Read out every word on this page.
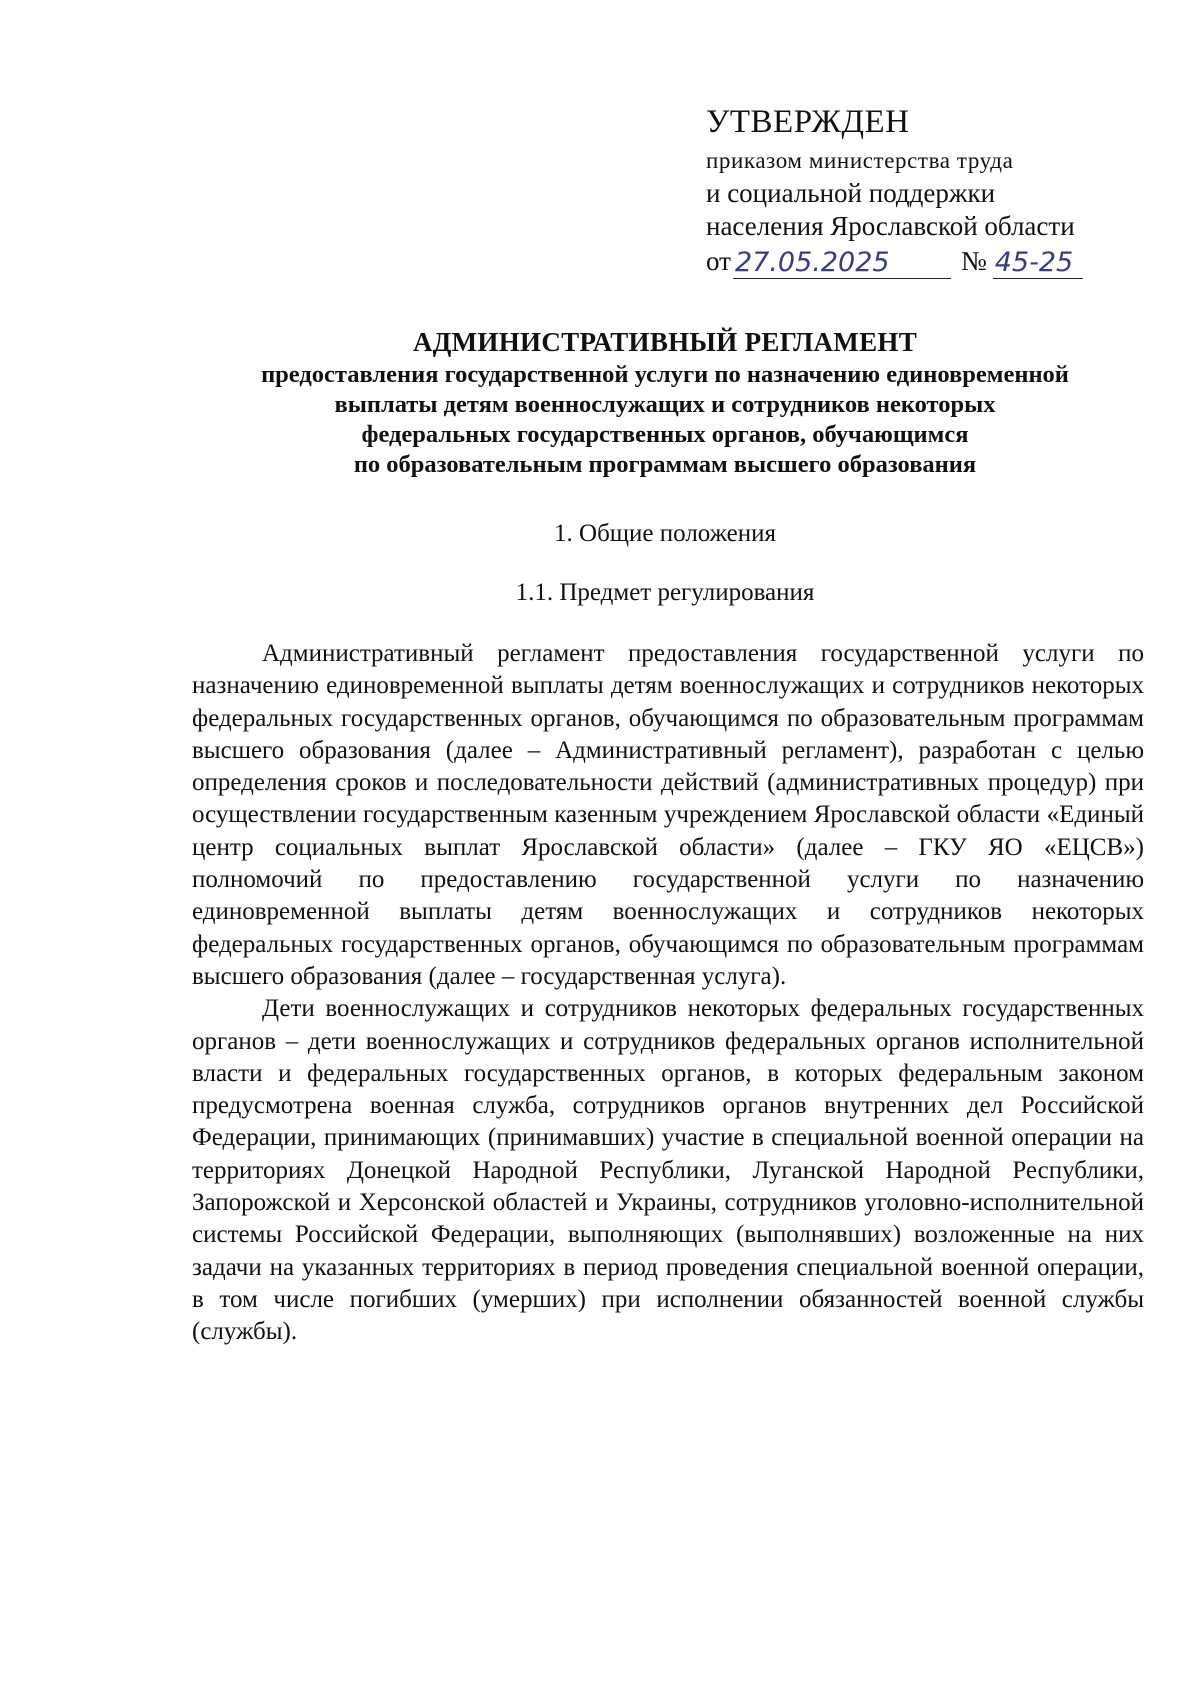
УТВЕРЖДЕН
приказом министерства труда
и социальной поддержки
населения Ярославской области
от 27.05.2025	№ 45-25
АДМИНИСТРАТИВНЫЙ РЕГЛАМЕНТ
предоставления государственной услуги по назначению единовременной
выплаты детям военнослужащих и сотрудников некоторых
федеральных государственных органов, обучающимся
по образовательным программам высшего образования
1. Общие положения
1.1. Предмет регулирования

Административный регламент предоставления государственной услуги по назначению единовременной выплаты детям военнослужащих и сотрудников некоторых федеральных государственных органов, обучающимся по образовательным программам высшего образования (далее – Административный регламент), разработан с целью определения сроков и последовательности действий (административных процедур) при осуществлении государственным казенным учреждением Ярославской области «Единый центр социальных выплат Ярославской области» (далее – ГКУ ЯО «ЕЦСВ») полномочий по предоставлению государственной услуги по назначению единовременной выплаты детям военнослужащих и сотрудников некоторых федеральных государственных органов, обучающимся по образовательным программам высшего образования (далее – государственная услуга).

Дети военнослужащих и сотрудников некоторых федеральных государственных органов – дети военнослужащих и сотрудников федеральных органов исполнительной власти и федеральных государственных органов, в которых федеральным законом предусмотрена военная служба, сотрудников органов внутренних дел Российской Федерации, принимающих (принимавших) участие в специальной военной операции на территориях Донецкой Народной Республики, Луганской Народной Республики, Запорожской и Херсонской областей и Украины, сотрудников уголовно-исполнительной системы Российской Федерации, выполняющих (выполнявших) возложенные на них задачи на указанных территориях в период проведения специальной военной операции, в том числе погибших (умерших) при исполнении обязанностей военной службы (службы).
